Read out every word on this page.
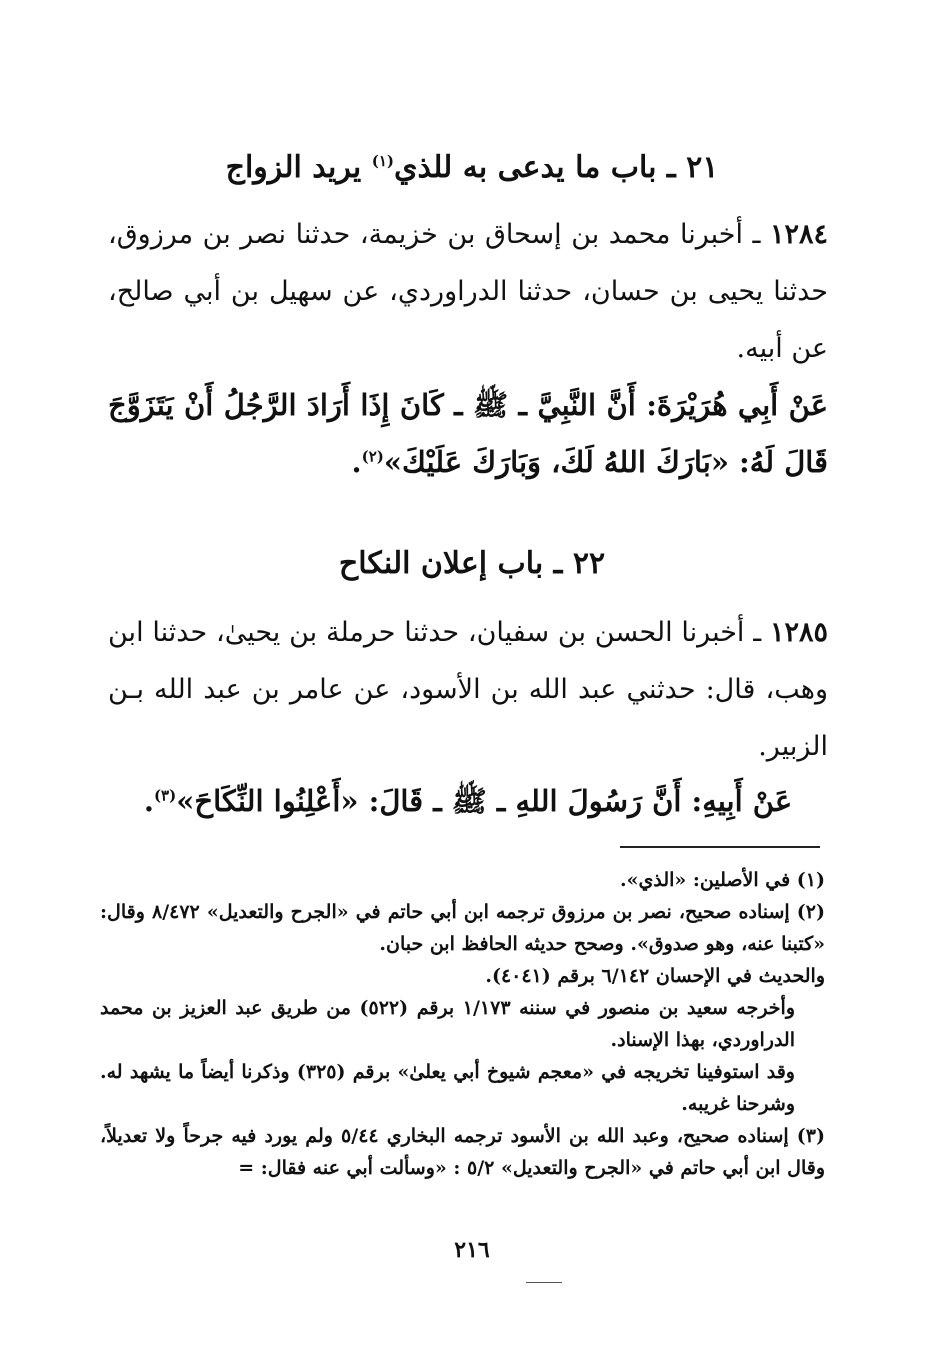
٢١ ـ باب ما يدعى به للذي$^{(١)}$ يريد الزواج
١٢٨٤ ـ أخبرنا محمد بن إسحاق بن خزيمة، حدثنا نصر بن مرزوق، حدثنا يحيى بن حسان، حدثنا الدراوردي، عن سهيل بن أبي صالح، عن أبيه.
عَنْ أَبِي هُرَيْرَةَ: أَنَّ النَّبِيَّ ـ ﷺ ـ كَانَ إِذَا أَرَادَ الرَّجُلُ أَنْ يَتَزَوَّجَ قَالَ لَهُ: «بَارَكَ اللهُ لَكَ، وَبَارَكَ عَلَيْكَ»$^{(٢)}$.
٢٢ ـ باب إعلان النكاح
١٢٨٥ ـ أخبرنا الحسن بن سفيان، حدثنا حرملة بن يحيىٰ، حدثنا ابن وهب، قال: حدثني عبد الله بن الأسود، عن عامر بن عبد الله بـن الزبير.
عَنْ أَبِيهِ: أَنَّ رَسُولَ اللهِ ـ ﷺ ـ قَالَ: «أَعْلِنُوا النِّكَاحَ»$^{(٣)}$.

(١) في الأصلين: «الذي».

(٢) إسناده صحيح، نصر بن مرزوق ترجمه ابن أبي حاتم في «الجرح والتعديل» ٨/٤٧٢ وقال: «كتبنا عنه، وهو صدوق». وصحح حديثه الحافظ ابن حبان.

والحديث في الإحسان ٦/١٤٢ برقم (٤٠٤١).

وأخرجه سعيد بن منصور في سننه ١/١٧٣ برقم (٥٢٢) من طريق عبد العزيز بن محمد الدراوردي، بهذا الإسناد.

وقد استوفينا تخريجه في «معجم شيوخ أبي يعلىٰ» برقم (٣٢٥) وذكرنا أيضاً ما يشهد له. وشرحنا غريبه.

(٣) إسناده صحيح، وعبد الله بن الأسود ترجمه البخاري ٥/٤٤ ولم يورد فيه جرحاً ولا تعديلاً، وقال ابن أبي حاتم في «الجرح والتعديل» ٥/٢ : «وسألت أبي عنه فقال: =

٢١٦
